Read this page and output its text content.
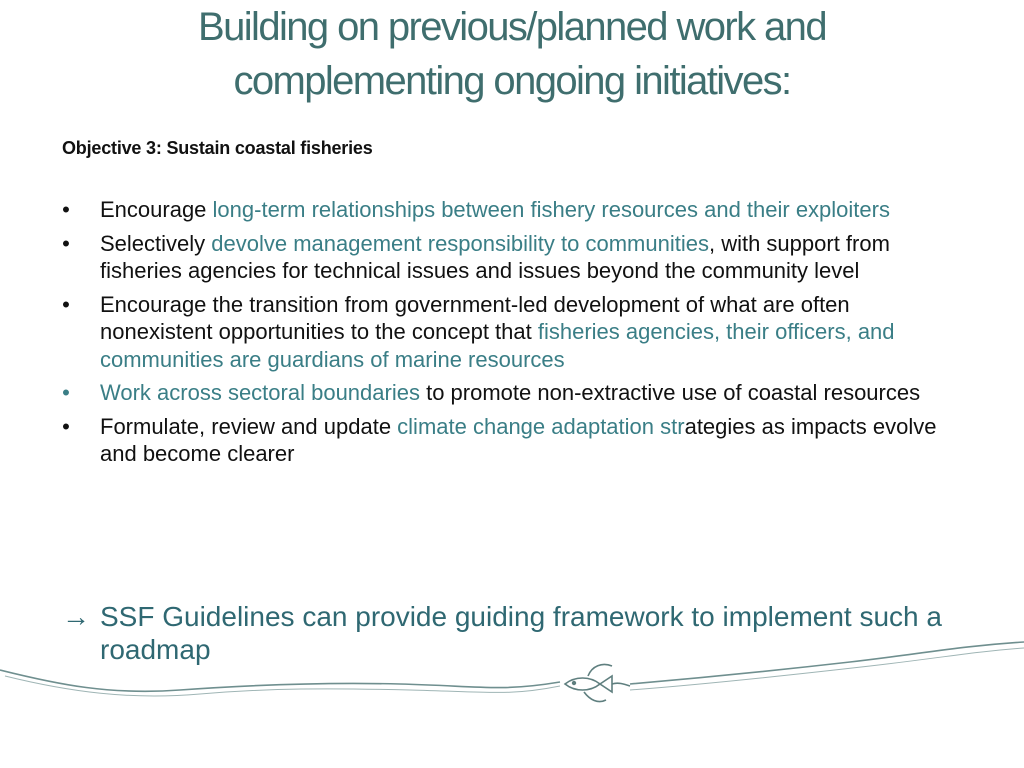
Building on previous/planned work and
complementing ongoing initiatives:
Objective 3: Sustain coastal fisheries
• Encourage long-term relationships between fishery resources and their exploiters
• Selectively devolve management responsibility to communities, with support from fisheries agencies for technical issues and issues beyond the community level
• Encourage the transition from government-led development of what are often nonexistent opportunities to the concept that fisheries agencies, their officers, and communities are guardians of marine resources
• Work across sectoral boundaries to promote non-extractive use of coastal resources
• Formulate, review and update climate change adaptation strategies as impacts evolve and become clearer
→ SSF Guidelines can provide guiding framework to implement such a roadmap
